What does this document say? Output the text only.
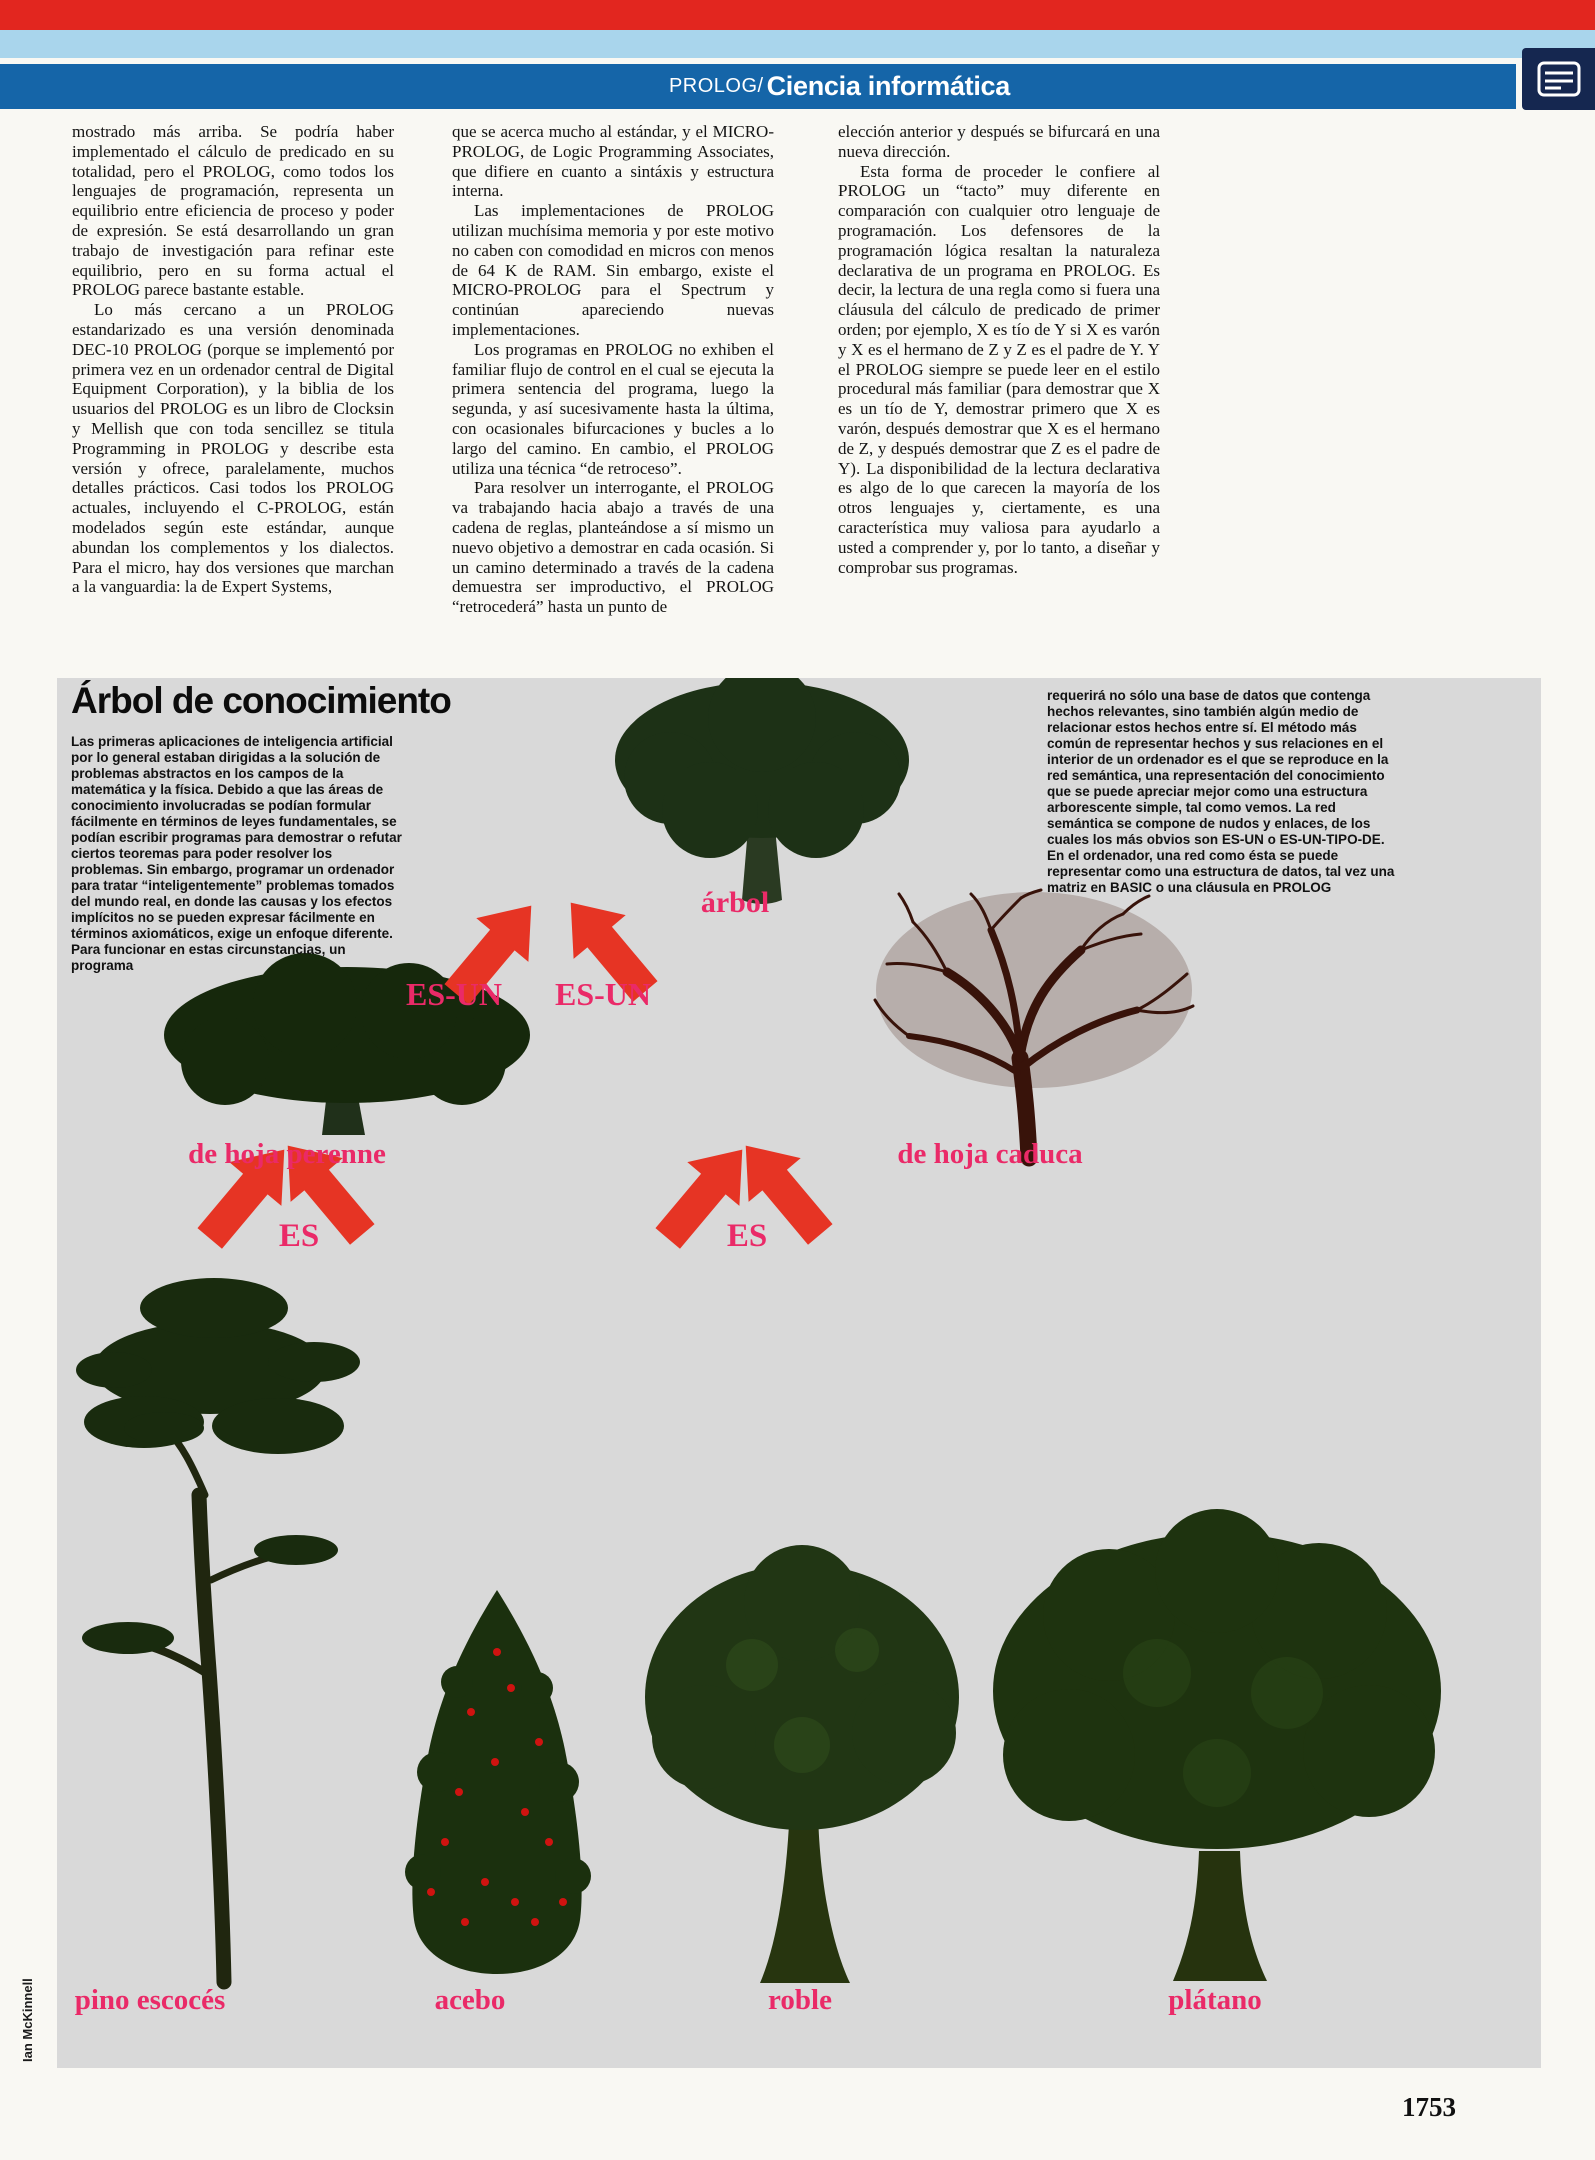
PROLOG/ Ciencia informática

mostrado más arriba. Se podría haber implementado el cálculo de predicado en su totalidad, pero el PROLOG, como todos los lenguajes de programación, representa un equilibrio entre eficiencia de proceso y poder de expresión. Se está desarrollando un gran trabajo de investigación para refinar este equilibrio, pero en su forma actual el PROLOG parece bastante estable.

Lo más cercano a un PROLOG estandarizado es una versión denominada DEC-10 PROLOG (porque se implementó por primera vez en un ordenador central de Digital Equipment Corporation), y la biblia de los usuarios del PROLOG es un libro de Clocksin y Mellish que con toda sencillez se titula Programming in PROLOG y describe esta versión y ofrece, paralelamente, muchos detalles prácticos. Casi todos los PROLOG actuales, incluyendo el C-PROLOG, están modelados según este estándar, aunque abundan los complementos y los dialectos. Para el micro, hay dos versiones que marchan a la vanguardia: la de Expert Systems,

que se acerca mucho al estándar, y el MICRO-PROLOG, de Logic Programming Associates, que difiere en cuanto a sintáxis y estructura interna.

Las implementaciones de PROLOG utilizan muchísima memoria y por este motivo no caben con comodidad en micros con menos de 64 K de RAM. Sin embargo, existe el MICRO-PROLOG para el Spectrum y continúan apareciendo nuevas implementaciones.

Los programas en PROLOG no exhiben el familiar flujo de control en el cual se ejecuta la primera sentencia del programa, luego la segunda, y así sucesivamente hasta la última, con ocasionales bifurcaciones y bucles a lo largo del camino. En cambio, el PROLOG utiliza una técnica “de retroceso”.

Para resolver un interrogante, el PROLOG va trabajando hacia abajo a través de una cadena de reglas, planteándose a sí mismo un nuevo objetivo a demostrar en cada ocasión. Si un camino determinado a través de la cadena demuestra ser improductivo, el PROLOG “retrocederá” hasta un punto de

elección anterior y después se bifurcará en una nueva dirección.

Esta forma de proceder le confiere al PROLOG un “tacto” muy diferente en comparación con cualquier otro lenguaje de programación. Los defensores de la programación lógica resaltan la naturaleza declarativa de un programa en PROLOG. Es decir, la lectura de una regla como si fuera una cláusula del cálculo de predicado de primer orden; por ejemplo, X es tío de Y si X es varón y X es el hermano de Z y Z es el padre de Y. Y el PROLOG siempre se puede leer en el estilo procedural más familiar (para demostrar que X es un tío de Y, demostrar primero que X es varón, después demostrar que X es el hermano de Z, y después demostrar que Z es el padre de Y). La disponibilidad de la lectura declarativa es algo de lo que carecen la mayoría de los otros lenguajes y, ciertamente, es una característica muy valiosa para ayudarlo a usted a comprender y, por lo tanto, a diseñar y comprobar sus programas.

Árbol de conocimiento
Las primeras aplicaciones de inteligencia artificial por lo general estaban dirigidas a la solución de problemas abstractos en los campos de la matemática y la física. Debido a que las áreas de conocimiento involucradas se podían formular fácilmente en términos de leyes fundamentales, se podían escribir programas para demostrar o refutar ciertos teoremas para poder resolver los problemas. Sin embargo, programar un ordenador para tratar “inteligentemente” problemas tomados del mundo real, en donde las causas y los efectos implícitos no se pueden expresar fácilmente en términos axiomáticos, exige un enfoque diferente. Para funcionar en estas circunstancias, un programa
requerirá no sólo una base de datos que contenga hechos relevantes, sino también algún medio de relacionar estos hechos entre sí. El método más común de representar hechos y sus relaciones en el interior de un ordenador es el que se reproduce en la red semántica, una representación del conocimiento que se puede apreciar mejor como una estructura arborescente simple, tal como vemos. La red semántica se compone de nudos y enlaces, de los cuales los más obvios son ES-UN o ES-UN-TIPO-DE. En el ordenador, una red como ésta se puede representar como una estructura de datos, tal vez una matriz en BASIC o una cláusula en PROLOG
árbol
ES-UN ES-UN
de hoja perenne	de hoja caduca
ES	ES
pino escocés	acebo	roble	plátano
Ian McKinnell
1753
